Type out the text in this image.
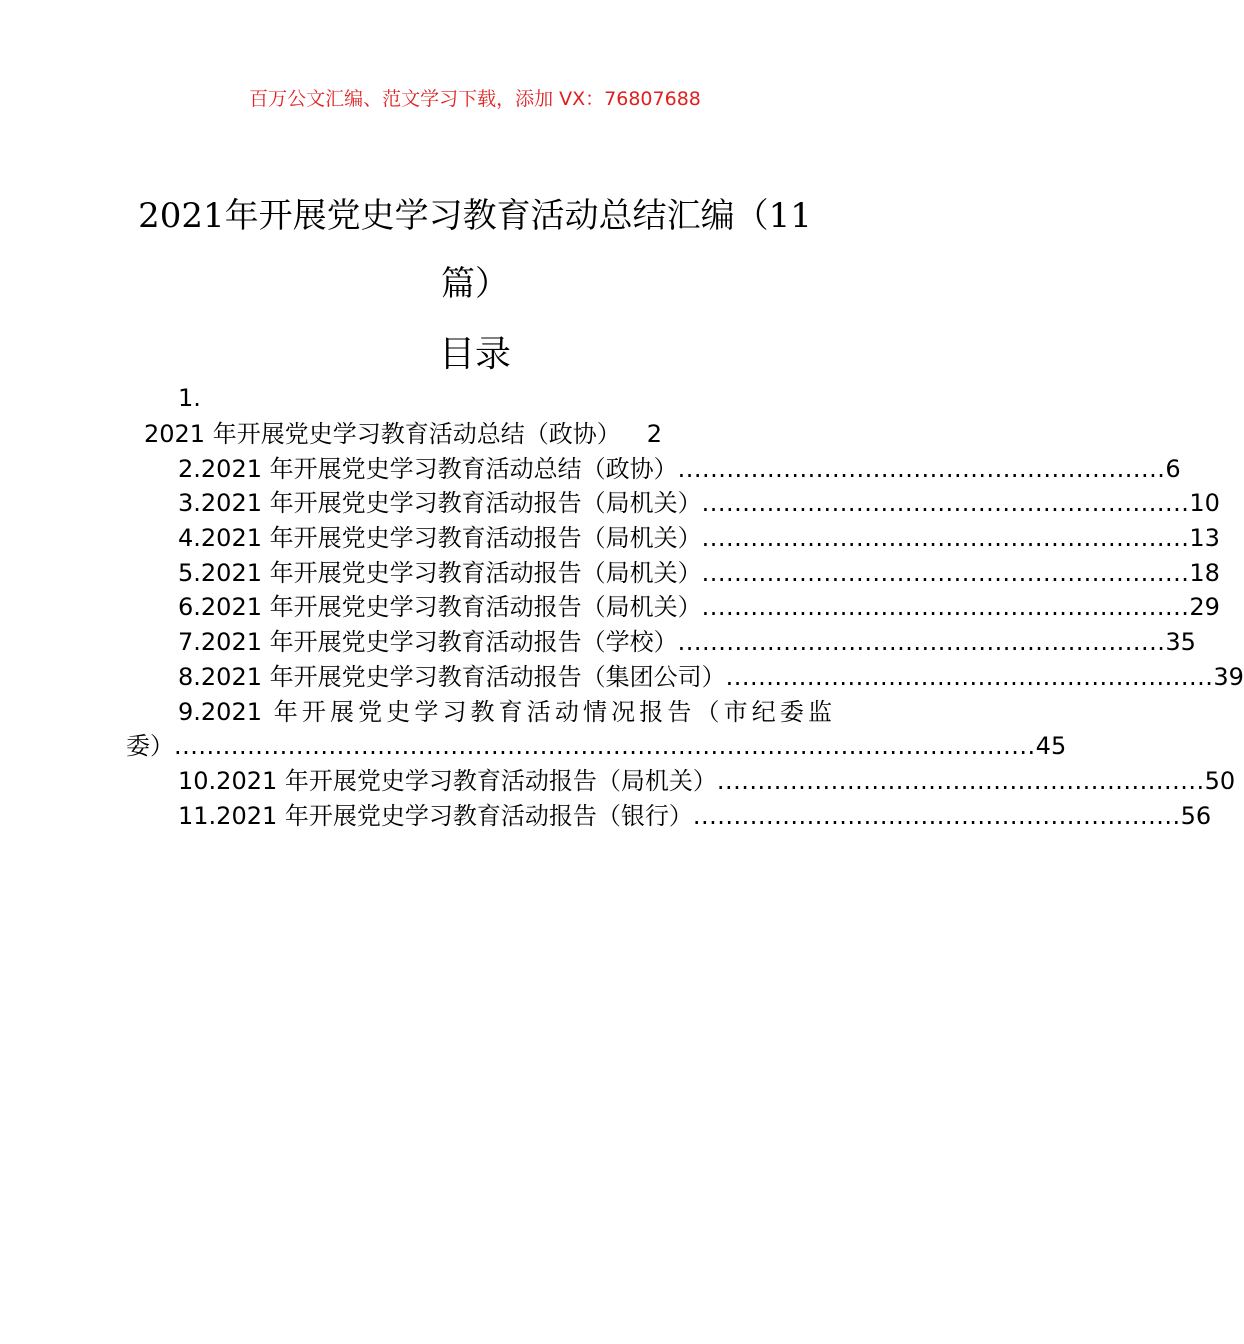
百万公文汇编、范文学习下载，添加 VX：76807688
2021年开展党史学习教育活动总结汇编（11
篇）
目录
1.
2021 年开展党史学习教育活动总结（政协） 2
2.2021 年开展党史学习教育活动总结（政协） ............................................................ 6
3.2021 年开展党史学习教育活动报告（局机关） ............................................................ 10
4.2021 年开展党史学习教育活动报告（局机关） ............................................................ 13
5.2021 年开展党史学习教育活动报告（局机关） ............................................................ 18
6.2021 年开展党史学习教育活动报告（局机关） ............................................................ 29
7.2021 年开展党史学习教育活动报告（学校） ............................................................ 35
8.2021 年开展党史学习教育活动报告（集团公司） ............................................................ 39
9.2021 年开展党史学习教育活动情况报告（市纪委监
委） .......................................................................................................... 45
10.2021 年开展党史学习教育活动报告（局机关） ............................................................ 50
11.2021 年开展党史学习教育活动报告（银行） ............................................................ 56
